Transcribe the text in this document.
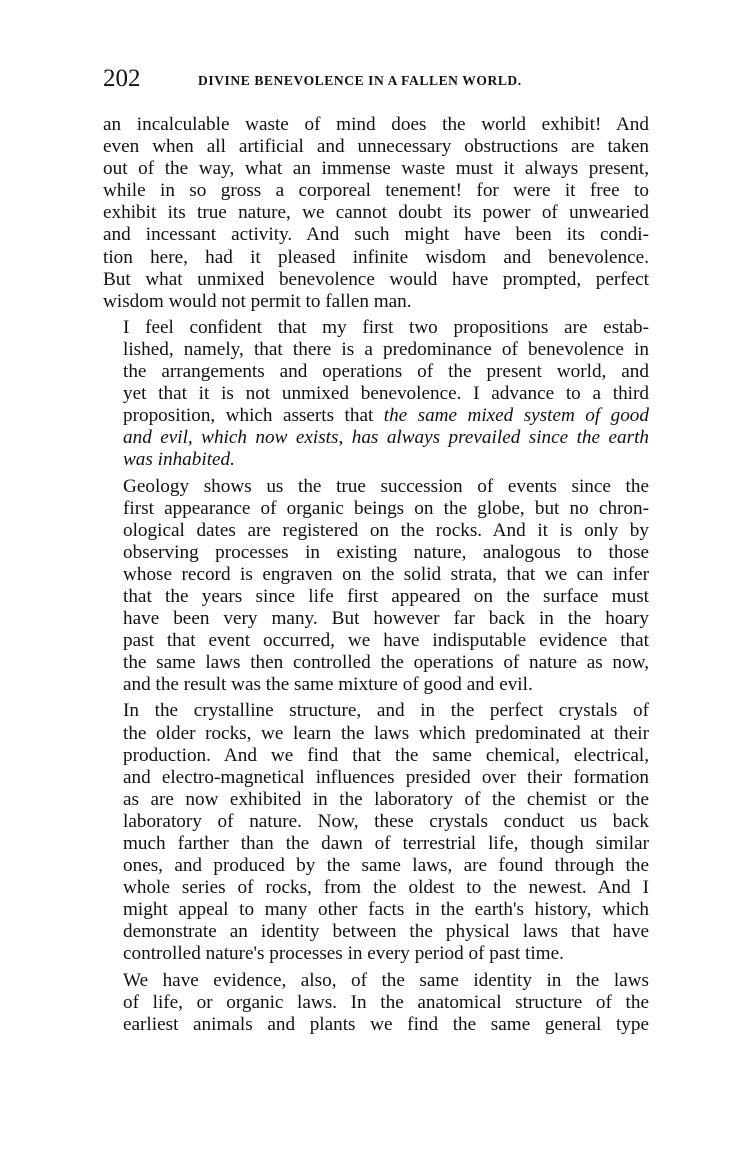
202	DIVINE BENEVOLENCE IN A FALLEN WORLD.

an incalculable waste of mind does the world exhibit! And
even when all artificial and unnecessary obstructions are taken
out of the way, what an immense waste must it always present,
while in so gross a corporeal tenement! for were it free to
exhibit its true nature, we cannot doubt its power of unwearied
and incessant activity. And such might have been its condi-
tion here, had it pleased infinite wisdom and benevolence.
But what unmixed benevolence would have prompted, perfect
wisdom would not permit to fallen man.

I feel confident that my first two propositions are estab-
lished, namely, that there is a predominance of benevolence in
the arrangements and operations of the present world, and
yet that it is not unmixed benevolence. I advance to a third
proposition, which asserts that the same mixed system of good
and evil, which now exists, has always prevailed since the earth
was inhabited.

Geology shows us the true succession of events since the
first appearance of organic beings on the globe, but no chron-
ological dates are registered on the rocks. And it is only by
observing processes in existing nature, analogous to those
whose record is engraven on the solid strata, that we can infer
that the years since life first appeared on the surface must
have been very many. But however far back in the hoary
past that event occurred, we have indisputable evidence that
the same laws then controlled the operations of nature as now,
and the result was the same mixture of good and evil.

In the crystalline structure, and in the perfect crystals of
the older rocks, we learn the laws which predominated at their
production. And we find that the same chemical, electrical,
and electro-magnetical influences presided over their formation
as are now exhibited in the laboratory of the chemist or the
laboratory of nature. Now, these crystals conduct us back
much farther than the dawn of terrestrial life, though similar
ones, and produced by the same laws, are found through the
whole series of rocks, from the oldest to the newest. And I
might appeal to many other facts in the earth's history, which
demonstrate an identity between the physical laws that have
controlled nature's processes in every period of past time.

We have evidence, also, of the same identity in the laws
of life, or organic laws. In the anatomical structure of the
earliest animals and plants we find the same general type
